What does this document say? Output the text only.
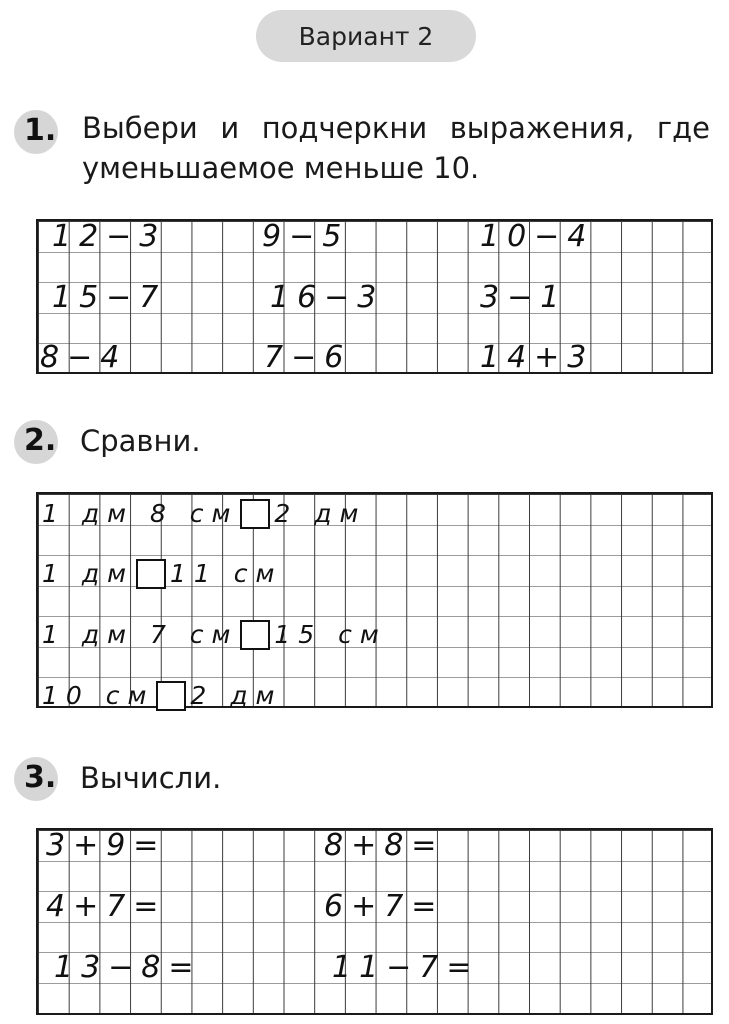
Вариант 2
1. Выбери и подчеркни выражения, где
уменьшаемое меньше 10.
12−3	9−5	10−4
15−7	16−3	3−1
8−4	7−6	14+3
2. Сравни.
1 дм 8 см 2 дм
1 дм 11 см
1 дм 7 см 15 см
10 см 2 дм
3. Вычисли.
3+9=	8+8=
4+7=	6+7=
13−8=	11−7=
